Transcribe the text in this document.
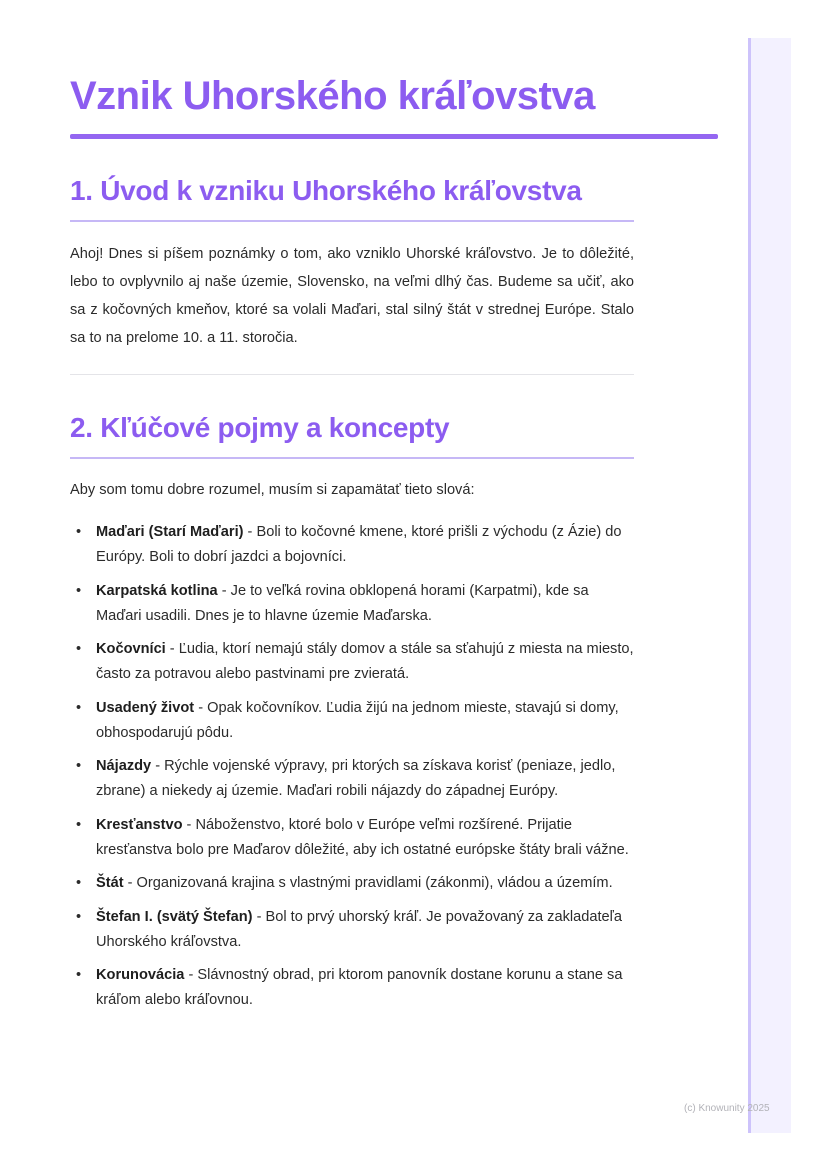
Vznik Uhorského kráľovstva
1. Úvod k vzniku Uhorského kráľovstva

Ahoj! Dnes si píšem poznámky o tom, ako vzniklo Uhorské kráľovstvo. Je to dôležité, lebo to ovplyvnilo aj naše územie, Slovensko, na veľmi dlhý čas. Budeme sa učiť, ako sa z kočovných kmeňov, ktoré sa volali Maďari, stal silný štát v strednej Európe. Stalo sa to na prelome 10. a 11. storočia.

2. Kľúčové pojmy a koncepty

Aby som tomu dobre rozumel, musím si zapamätať tieto slová:

• Maďari (Starí Maďari) - Boli to kočovné kmene, ktoré prišli z východu (z Ázie) do Európy. Boli to dobrí jazdci a bojovníci.
• Karpatská kotlina - Je to veľká rovina obklopená horami (Karpatmi), kde sa Maďari usadili. Dnes je to hlavne územie Maďarska.
• Kočovníci - Ľudia, ktorí nemajú stály domov a stále sa sťahujú z miesta na miesto, často za potravou alebo pastvinami pre zvieratá.
• Usadený život - Opak kočovníkov. Ľudia žijú na jednom mieste, stavajú si domy, obhospodarujú pôdu.
• Nájazdy - Rýchle vojenské výpravy, pri ktorých sa získava korisť (peniaze, jedlo, zbrane) a niekedy aj územie. Maďari robili nájazdy do západnej Európy.
• Kresťanstvo - Náboženstvo, ktoré bolo v Európe veľmi rozšírené. Prijatie kresťanstva bolo pre Maďarov dôležité, aby ich ostatné európske štáty brali vážne.
• Štát - Organizovaná krajina s vlastnými pravidlami (zákonmi), vládou a územím.
• Štefan I. (svätý Štefan) - Bol to prvý uhorský kráľ. Je považovaný za zakladateľa Uhorského kráľovstva.
• Korunovácia - Slávnostný obrad, pri ktorom panovník dostane korunu a stane sa kráľom alebo kráľovnou.
(c) Knowunity 2025
